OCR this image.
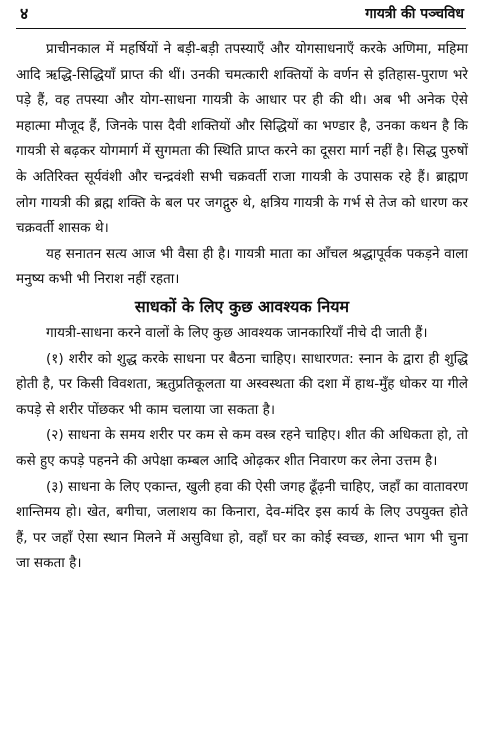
४	गायत्री की पञ्चविध

प्राचीनकाल में महर्षियों ने बड़ी-बड़ी तपस्याएँ और योगसाधनाएँ करके अणिमा, महिमा आदि ऋद्धि-सिद्धियाँ प्राप्त की थीं। उनकी चमत्कारी शक्तियों के वर्णन से इतिहास-पुराण भरे पड़े हैं, वह तपस्या और योग-साधना गायत्री के आधार पर ही की थी। अब भी अनेक ऐसे महात्मा मौजूद हैं, जिनके पास दैवी शक्तियों और सिद्धियों का भण्डार है, उनका कथन है कि गायत्री से बढ़कर योगमार्ग में सुगमता की स्थिति प्राप्त करने का दूसरा मार्ग नहीं है। सिद्ध पुरुषों के अतिरिक्त सूर्यवंशी और चन्द्रवंशी सभी चक्रवर्ती राजा गायत्री के उपासक रहे हैं। ब्राह्मण लोग गायत्री की ब्रह्म शक्ति के बल पर जगद्गुरु थे, क्षत्रिय गायत्री के गर्भ से तेज को धारण कर चक्रवर्ती शासक थे।

यह सनातन सत्य आज भी वैसा ही है। गायत्री माता का आँचल श्रद्धापूर्वक पकड़ने वाला मनुष्य कभी भी निराश नहीं रहता।

साधकों के लिए कुछ आवश्यक नियम

गायत्री-साधना करने वालों के लिए कुछ आवश्यक जानकारियाँ नीचे दी जाती हैं।

(१) शरीर को शुद्ध करके साधना पर बैठना चाहिए। साधारणत: स्नान के द्वारा ही शुद्धि होती है, पर किसी विवशता, ऋतुप्रतिकूलता या अस्वस्थता की दशा में हाथ-मुँह धोकर या गीले कपड़े से शरीर पोंछकर भी काम चलाया जा सकता है।

(२) साधना के समय शरीर पर कम से कम वस्त्र रहने चाहिए। शीत की अधिकता हो, तो कसे हुए कपड़े पहनने की अपेक्षा कम्बल आदि ओढ़कर शीत निवारण कर लेना उत्तम है।

(३) साधना के लिए एकान्त, खुली हवा की ऐसी जगह ढूँढ़नी चाहिए, जहाँ का वातावरण शान्तिमय हो। खेत, बगीचा, जलाशय का किनारा, देव-मंदिर इस कार्य के लिए उपयुक्त होते हैं, पर जहाँ ऐसा स्थान मिलने में असुविधा हो, वहाँ घर का कोई स्वच्छ, शान्त भाग भी चुना जा सकता है।
